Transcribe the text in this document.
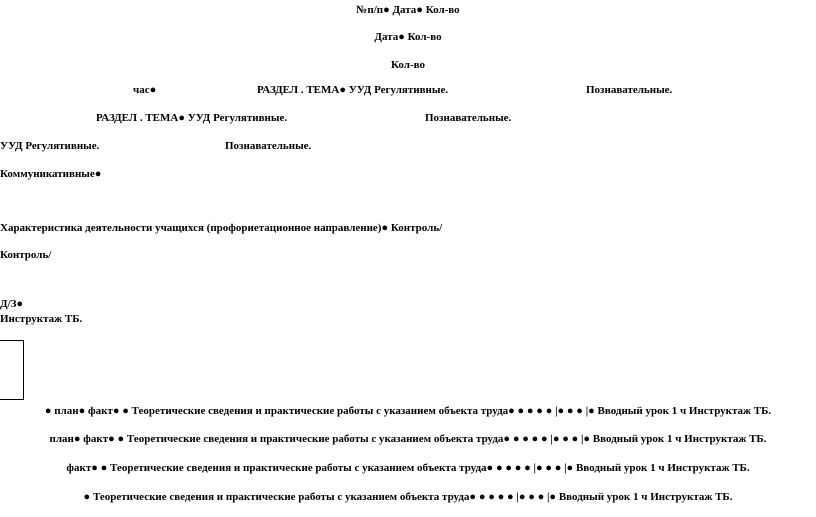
№п/п● Дата● Кол-во
Дата● Кол-во
Кол-во
час●	РАЗДЕЛ . ТЕМА● УУД Регулятивные.	Познавательные.
РАЗДЕЛ . ТЕМА● УУД Регулятивные.	Познавательные.
УУД Регулятивные.	Познавательные.
Коммуникативные●
Характеристика деятельности учащихся (профориетационное направление)● Контроль/
Контроль/
Д/З●
Инструктаж ТБ.
● план● факт● ● Теоретические сведения и практические работы с указанием объекта труда● ● ● ● ● |● ● ● |● Вводный урок 1 ч Инструктаж ТБ.
план● факт● ● Теоретические сведения и практические работы с указанием объекта труда● ● ● ● ● |● ● ● |● Вводный урок 1 ч Инструктаж ТБ.
факт● ● Теоретические сведения и практические работы с указанием объекта труда● ● ● ● ● |● ● ● |● Вводный урок 1 ч Инструктаж ТБ.
● Теоретические сведения и практические работы с указанием объекта труда● ● ● ● ● |● ● ● |● Вводный урок 1 ч Инструктаж ТБ.
